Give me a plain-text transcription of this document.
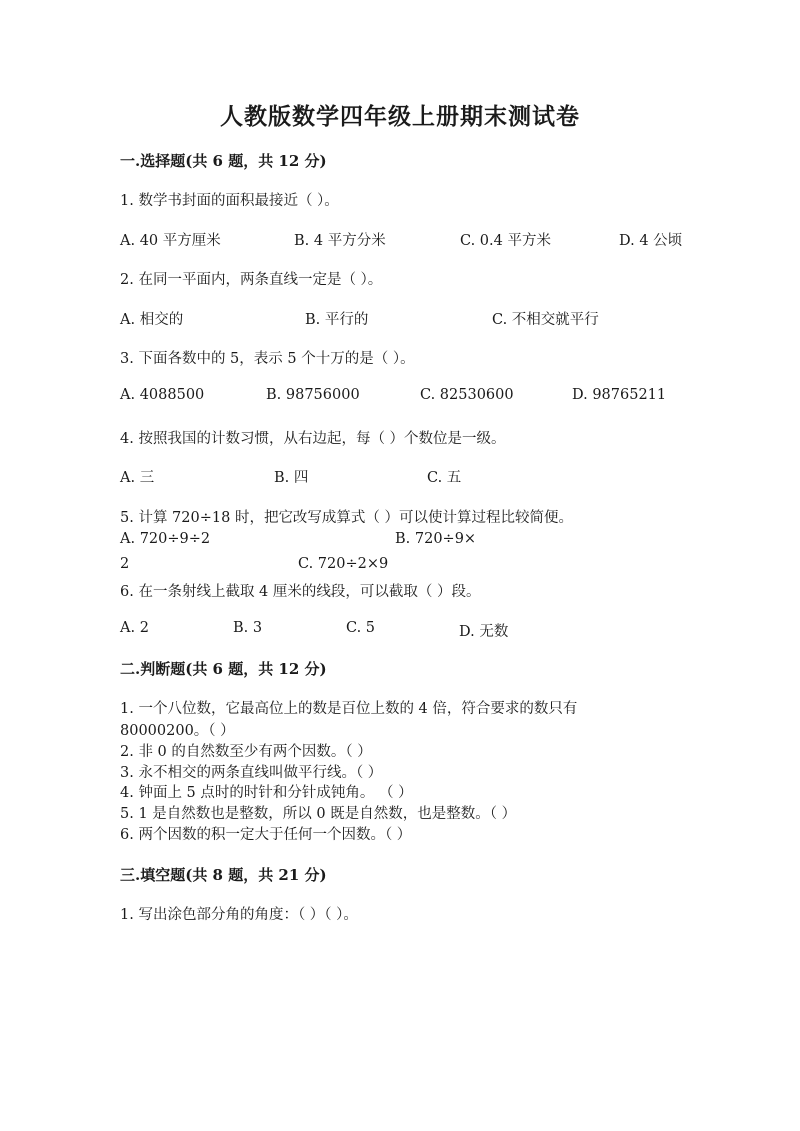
人教版数学四年级上册期末测试卷
一.选择题(共 6 题，共 12 分)
1. 数学书封面的面积最接近（ ）。
A. 40 平方厘米	B. 4 平方分米	C. 0.4 平方米	D. 4 公顷
2. 在同一平面内，两条直线一定是（ ）。
A. 相交的	B. 平行的	C. 不相交就平行
3. 下面各数中的 5，表示 5 个十万的是（ ）。
A. 4088500	B. 98756000	C. 82530600	D. 98765211
4. 按照我国的计数习惯，从右边起，每（ ）个数位是一级。
A. 三	B. 四	C. 五
5. 计算 720÷18 时，把它改写成算式（ ）可以使计算过程比较简便。
A. 720÷9÷2	B. 720÷9×
2	C. 720÷2×9
6. 在一条射线上截取 4 厘米的线段，可以截取（ ）段。
A. 2	B. 3	C. 5	D. 无数
二.判断题(共 6 题，共 12 分)
1. 一个八位数，它最高位上的数是百位上数的 4 倍，符合要求的数只有
80000200。（ ）
2. 非 0 的自然数至少有两个因数。（ ）
3. 永不相交的两条直线叫做平行线。（ ）
4. 钟面上 5 点时的时针和分针成钝角。 （ ）
5. 1 是自然数也是整数，所以 0 既是自然数，也是整数。（ ）
6. 两个因数的积一定大于任何一个因数。（ ）
三.填空题(共 8 题，共 21 分)
1. 写出涂色部分角的角度：（ ）（ ）。
